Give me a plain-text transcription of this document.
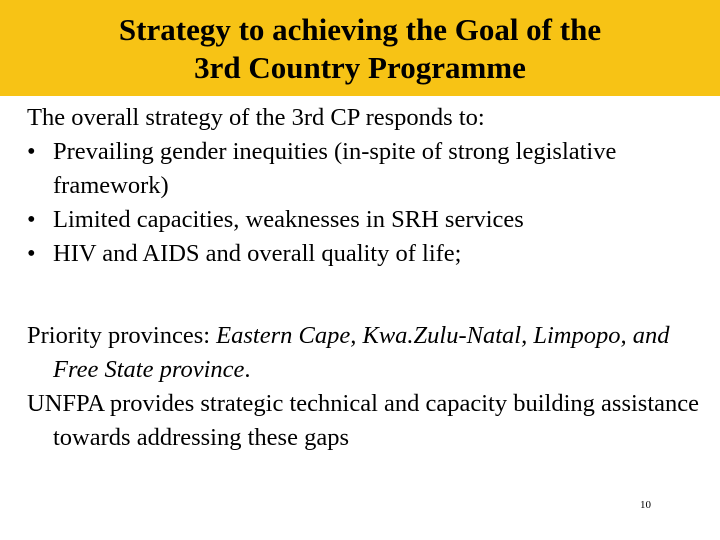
Strategy to achieving the Goal of the
3rd Country Programme
The overall strategy of the 3rd CP responds to:
• Prevailing gender inequities (in-spite of strong legislative framework)
• Limited capacities, weaknesses in SRH services
• HIV and AIDS and overall quality of life;
Priority provinces: Eastern Cape, Kwa.Zulu-Natal, Limpopo, and Free State province.
UNFPA provides strategic technical and capacity building assistance towards addressing these gaps
10
